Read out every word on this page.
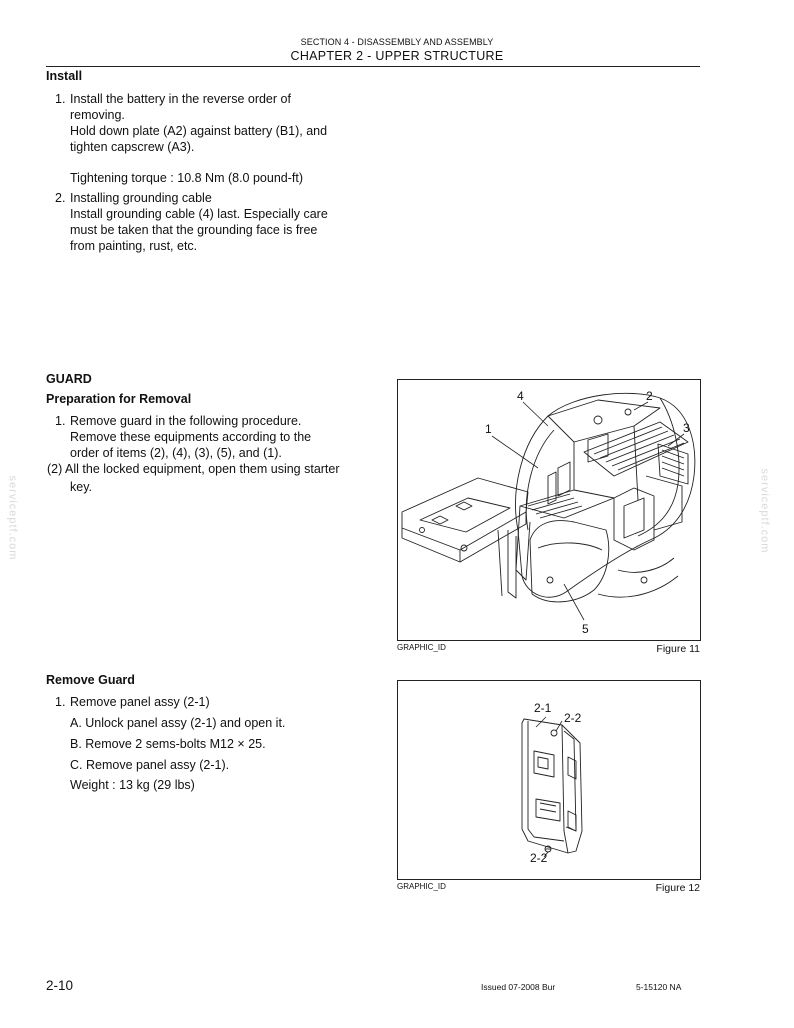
SECTION 4 - DISASSEMBLY AND ASSEMBLY
CHAPTER 2 - UPPER STRUCTURE
Install
1. Install the battery in the reverse order of
removing.
Hold down plate (A2) against battery (B1), and
tighten capscrew (A3).
Tightening torque : 10.8 Nm (8.0 pound-ft)
2. Installing grounding cable
Install grounding cable (4) last. Especially care
must be taken that the grounding face is free
from painting, rust, etc.
GUARD
Preparation for Removal
1. Remove guard in the following procedure.
Remove these equipments according to the
order of items (2), (4), (3), (5), and (1).
(2) All the locked equipment, open them using starter
key.
Remove Guard
1. Remove panel assy (2-1)
A. Unlock panel assy (2-1) and open it.
B. Remove 2 sems-bolts M12 × 25.
C. Remove panel assy (2-1).
Weight : 13 kg (29 lbs)
4	2
1	3
5
GRAPHIC_ID	Figure 11
2-1
2-2
2-2
GRAPHIC_ID	Figure 12
serviceptf.com	serviceptf.com
2-10	Issued 07-2008 Bur	5-15120 NA
